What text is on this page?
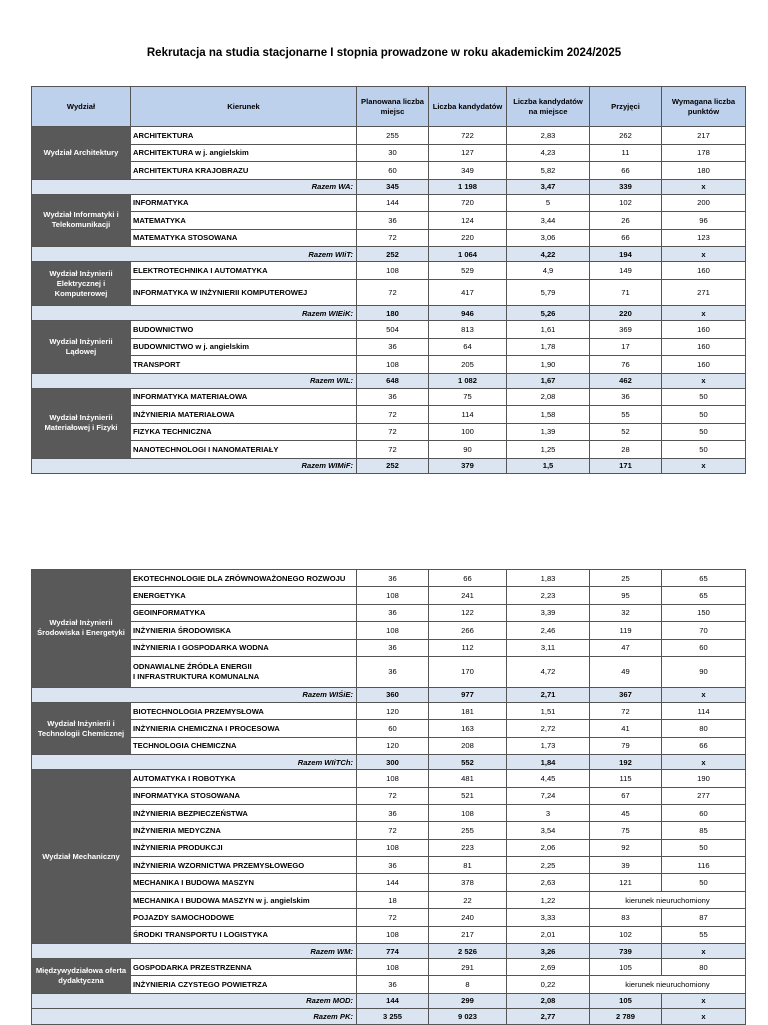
Rekrutacja na studia stacjonarne I stopnia prowadzone w roku akademickim 2024/2025
Wydział	Kierunek	Planowana liczba miejsc	Liczba kandydatów	Liczba kandydatów na miejsce	Przyjęci	Wymagana liczba punktów
Wydział Architektury	ARCHITEKTURA	255	722	2,83	262	217
	ARCHITEKTURA w j. angielskim	30	127	4,23	11	178
	ARCHITEKTURA KRAJOBRAZU	60	349	5,82	66	180
Razem WA:		345	1 198	3,47	339	x
Wydział Informatyki i Telekomunikacji	INFORMATYKA	144	720	5	102	200
	MATEMATYKA	36	124	3,44	26	96
	MATEMATYKA STOSOWANA	72	220	3,06	66	123
Razem WIiT:		252	1 064	4,22	194	x
Wydział Inżynierii Elektrycznej i Komputerowej	ELEKTROTECHNIKA I AUTOMATYKA	108	529	4,9	149	160
	INFORMATYKA W INŻYNIERII KOMPUTEROWEJ	72	417	5,79	71	271
Razem WIEiK:		180	946	5,26	220	x
Wydział Inżynierii Lądowej	BUDOWNICTWO	504	813	1,61	369	160
	BUDOWNICTWO w j. angielskim	36	64	1,78	17	160
	TRANSPORT	108	205	1,90	76	160
Razem WIL:		648	1 082	1,67	462	x
Wydział Inżynierii Materiałowej i Fizyki	INFORMATYKA MATERIAŁOWA	36	75	2,08	36	50
	INŻYNIERIA MATERIAŁOWA	72	114	1,58	55	50
	FIZYKA TECHNICZNA	72	100	1,39	52	50
	NANOTECHNOLOGI I NANOMATERIAŁY	72	90	1,25	28	50
Razem WIMiF:		252	379	1,5	171	x
Wydział Inżynierii Środowiska i Energetyki	EKOTECHNOLOGIE DLA ZRÓWNOWAŻONEGO ROZWOJU	36	66	1,83	25	65
	ENERGETYKA	108	241	2,23	95	65
	GEOINFORMATYKA	36	122	3,39	32	150
	INŻYNIERIA ŚRODOWISKA	108	266	2,46	119	70
	INŻYNIERIA I GOSPODARKA WODNA	36	112	3,11	47	60

	ODNAWIALNE ŹRÓDŁA ENERGII
I INFRASTRUKTURA KOMUNALNA	36	170	4,72	49	90
Razem WIŚiE:		360	977	2,71	367	x
Wydział Inżynierii i Technologii Chemicznej	BIOTECHNOLOGIA PRZEMYSŁOWA	120	181	1,51	72	114
	INŻYNIERIA CHEMICZNA I PROCESOWA	60	163	2,72	41	80
	TECHNOLOGIA CHEMICZNA	120	208	1,73	79	66
Razem WIiTCh:		300	552	1,84	192	x
Wydział Mechaniczny	AUTOMATYKA I ROBOTYKA	108	481	4,45	115	190
	INFORMATYKA STOSOWANA	72	521	7,24	67	277
	INŻYNIERIA BEZPIECZEŃSTWA	36	108	3	45	60
	INŻYNIERIA MEDYCZNA	72	255	3,54	75	85
	INŻYNIERIA PRODUKCJI	108	223	2,06	92	50
	INŻYNIERIA WZORNICTWA PRZEMYSŁOWEGO	36	81	2,25	39	116
	MECHANIKA I BUDOWA MASZYN	144	378	2,63	121	50
	MECHANIKA I BUDOWA MASZYN w j. angielskim	18	22	1,22	kierunek nieuruchomiony	
	POJAZDY SAMOCHODOWE	72	240	3,33	83	87
	ŚRODKI TRANSPORTU I LOGISTYKA	108	217	2,01	102	55
Razem WM:		774	2 526	3,26	739	x
Międzywydziałowa oferta dydaktyczna	GOSPODARKA PRZESTRZENNA	108	291	2,69	105	80
	INŻYNIERIA CZYSTEGO POWIETRZA	36	8	0,22	kierunek nieuruchomiony	
Razem MOD:		144	299	2,08	105	x
Razem PK:		3 255	9 023	2,77	2 789	x
